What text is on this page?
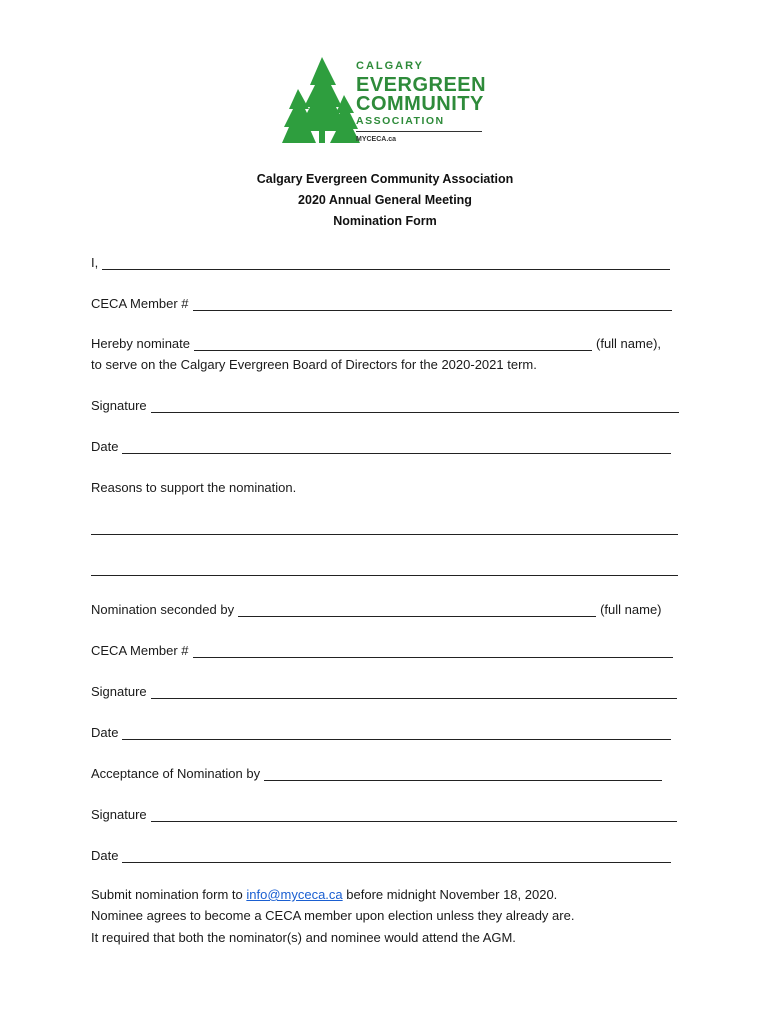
CALGARY
EVERGREEN
COMMUNITY
ASSOCIATION
MYCECA.ca
Calgary Evergreen Community Association
2020 Annual General Meeting
Nomination Form
I,
CECA Member #
Hereby nominate	(full name),
to serve on the Calgary Evergreen Board of Directors for the 2020-2021 term.
Signature
Date
Reasons to support the nomination.
Nomination seconded by	(full name)
CECA Member #
Signature
Date
Acceptance of Nomination by
Signature
Date
Submit nomination form to info@myceca.ca before midnight November 18, 2020.
Nominee agrees to become a CECA member upon election unless they already are.
It required that both the nominator(s) and nominee would attend the AGM.
